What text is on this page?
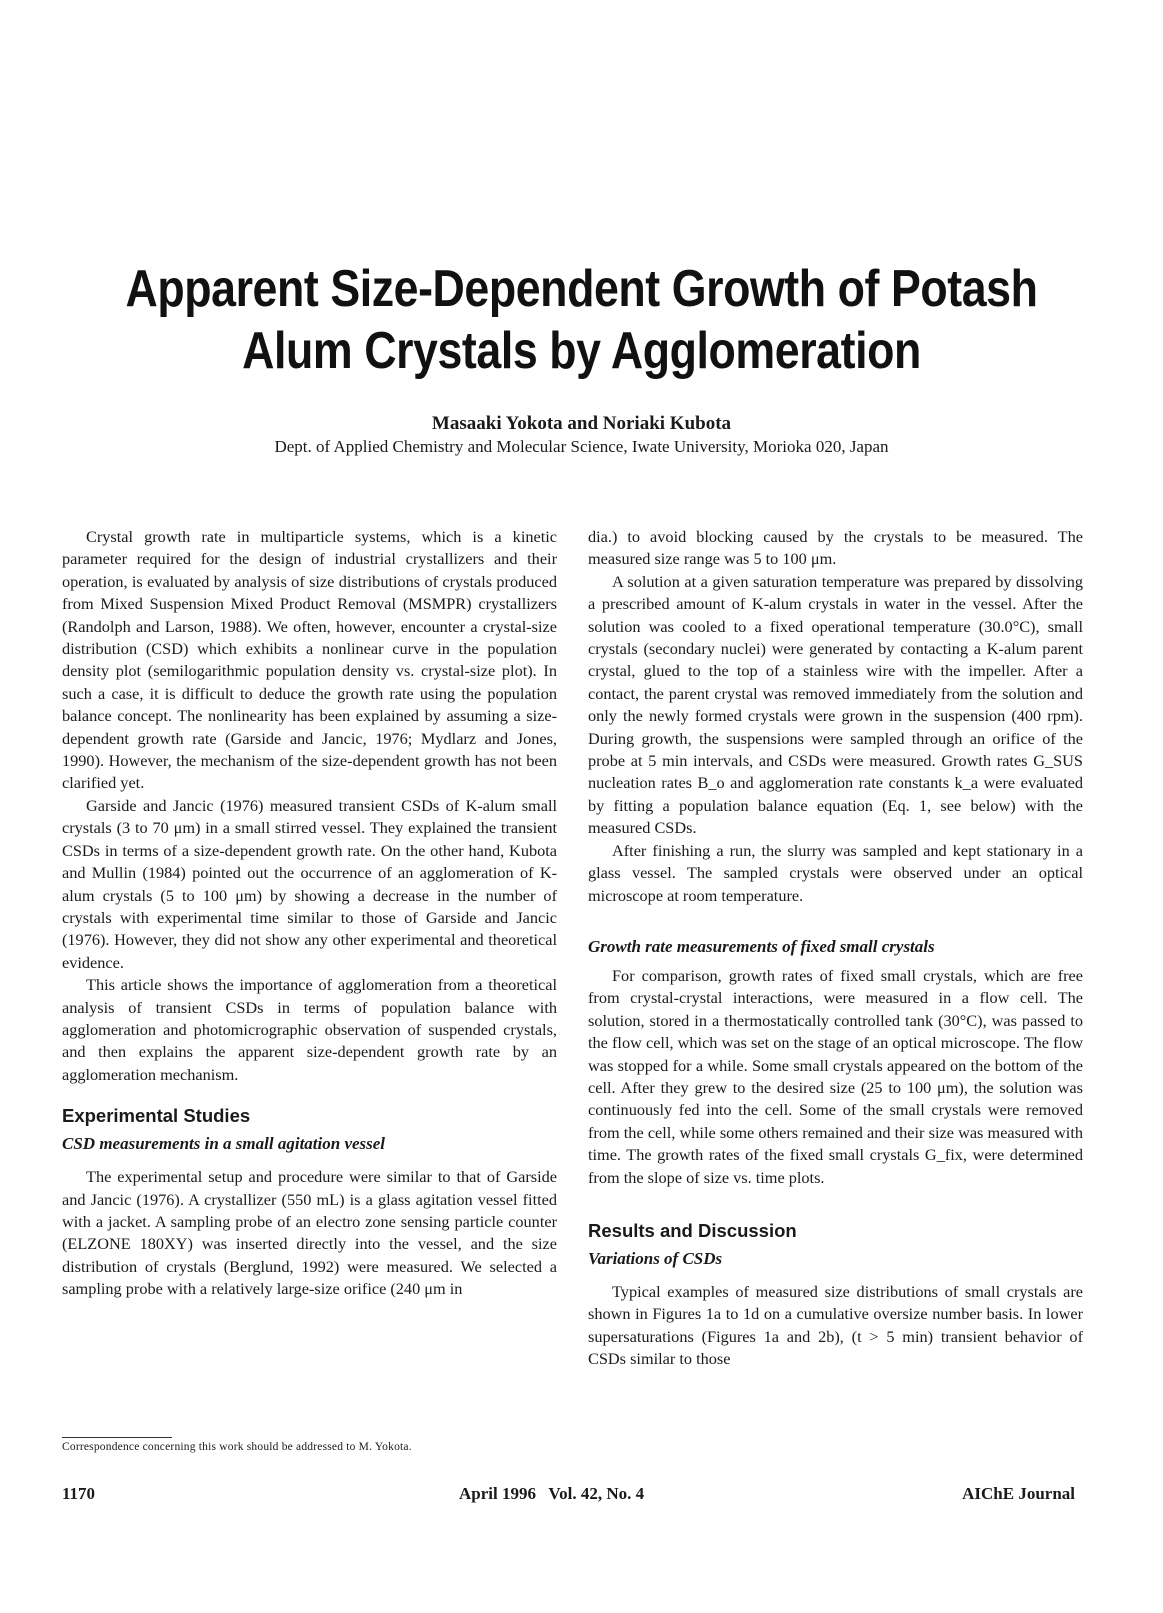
Apparent Size-Dependent Growth of Potash
Alum Crystals by Agglomeration
Masaaki Yokota and Noriaki Kubota
Dept. of Applied Chemistry and Molecular Science, Iwate University, Morioka 020, Japan

Crystal growth rate in multiparticle systems, which is a kinetic parameter required for the design of industrial crystallizers and their operation, is evaluated by analysis of size distributions of crystals produced from Mixed Suspension Mixed Product Removal (MSMPR) crystallizers (Randolph and Larson, 1988). We often, however, encounter a crystal-size distribution (CSD) which exhibits a nonlinear curve in the population density plot (semilogarithmic population density vs. crystal-size plot). In such a case, it is difficult to deduce the growth rate using the population balance concept. The nonlinearity has been explained by assuming a size-dependent growth rate (Garside and Jancic, 1976; Mydlarz and Jones, 1990). However, the mechanism of the size-dependent growth has not been clarified yet.

Garside and Jancic (1976) measured transient CSDs of K-alum small crystals (3 to 70 μm) in a small stirred vessel. They explained the transient CSDs in terms of a size-dependent growth rate. On the other hand, Kubota and Mullin (1984) pointed out the occurrence of an agglomeration of K-alum crystals (5 to 100 μm) by showing a decrease in the number of crystals with experimental time similar to those of Garside and Jancic (1976). However, they did not show any other experimental and theoretical evidence.

This article shows the importance of agglomeration from a theoretical analysis of transient CSDs in terms of population balance with agglomeration and photomicrographic observation of suspended crystals, and then explains the apparent size-dependent growth rate by an agglomeration mechanism.

Experimental Studies
CSD measurements in a small agitation vessel

The experimental setup and procedure were similar to that of Garside and Jancic (1976). A crystallizer (550 mL) is a glass agitation vessel fitted with a jacket. A sampling probe of an electro zone sensing particle counter (ELZONE 180XY) was inserted directly into the vessel, and the size distribution of crystals (Berglund, 1992) were measured. We selected a sampling probe with a relatively large-size orifice (240 μm in

dia.) to avoid blocking caused by the crystals to be measured. The measured size range was 5 to 100 μm.

A solution at a given saturation temperature was prepared by dissolving a prescribed amount of K-alum crystals in water in the vessel. After the solution was cooled to a fixed operational temperature (30.0°C), small crystals (secondary nuclei) were generated by contacting a K-alum parent crystal, glued to the top of a stainless wire with the impeller. After a contact, the parent crystal was removed immediately from the solution and only the newly formed crystals were grown in the suspension (400 rpm). During growth, the suspensions were sampled through an orifice of the probe at 5 min intervals, and CSDs were measured. Growth rates G_SUS nucleation rates B_o and agglomeration rate constants k_a were evaluated by fitting a population balance equation (Eq. 1, see below) with the measured CSDs.

After finishing a run, the slurry was sampled and kept stationary in a glass vessel. The sampled crystals were observed under an optical microscope at room temperature.

Growth rate measurements of fixed small crystals

For comparison, growth rates of fixed small crystals, which are free from crystal-crystal interactions, were measured in a flow cell. The solution, stored in a thermostatically controlled tank (30°C), was passed to the flow cell, which was set on the stage of an optical microscope. The flow was stopped for a while. Some small crystals appeared on the bottom of the cell. After they grew to the desired size (25 to 100 μm), the solution was continuously fed into the cell. Some of the small crystals were removed from the cell, while some others remained and their size was measured with time. The growth rates of the fixed small crystals G_fix, were determined from the slope of size vs. time plots.

Results and Discussion
Variations of CSDs

Typical examples of measured size distributions of small crystals are shown in Figures 1a to 1d on a cumulative oversize number basis. In lower supersaturations (Figures 1a and 2b), (t > 5 min) transient behavior of CSDs similar to those

Correspondence concerning this work should be addressed to M. Yokota.
1170	April 1996   Vol. 42, No. 4	AIChE Journal
